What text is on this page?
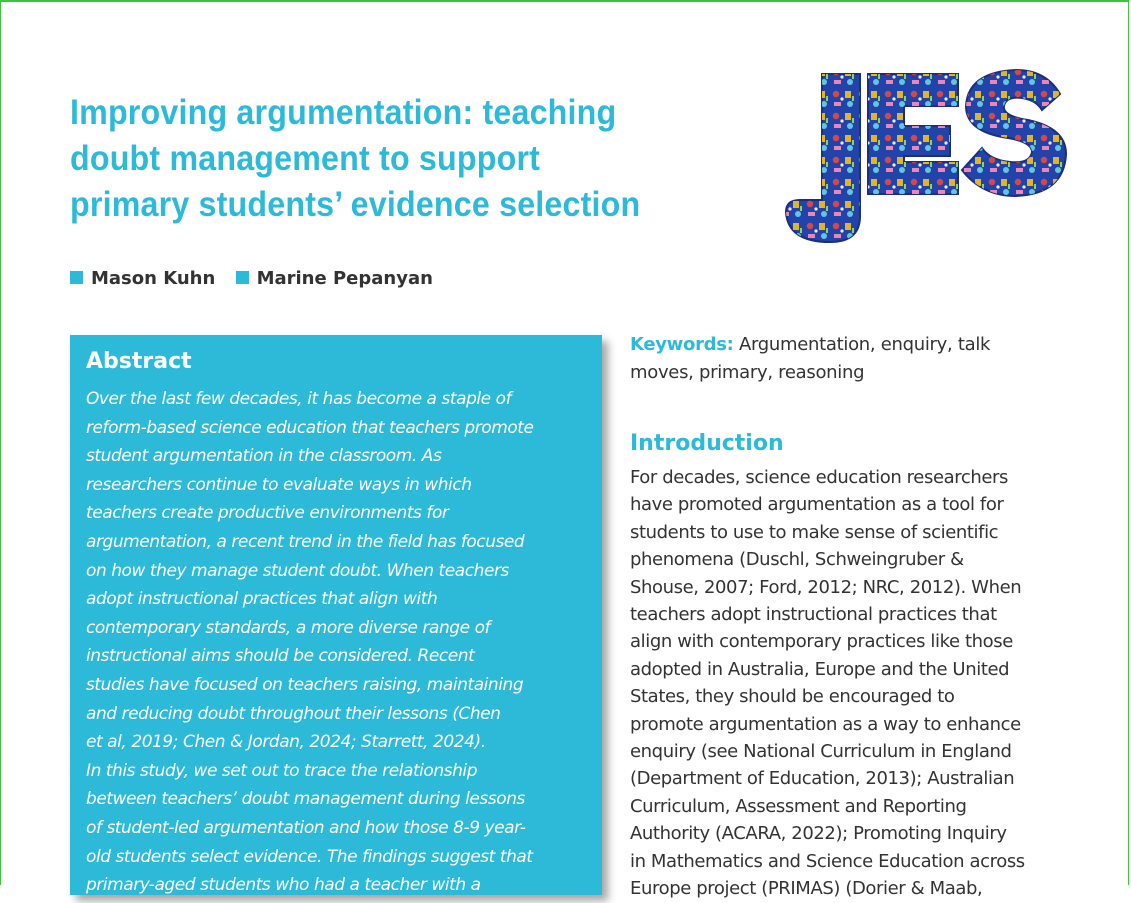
Improving argumentation: teaching doubt management to support primary students’ evidence selection
Mason Kuhn Marine Pepanyan
Abstract

Over the last few decades, it has become a staple of
reform-based science education that teachers promote
student argumentation in the classroom. As
researchers continue to evaluate ways in which
teachers create productive environments for
argumentation, a recent trend in the field has focused
on how they manage student doubt. When teachers
adopt instructional practices that align with
contemporary standards, a more diverse range of
instructional aims should be considered. Recent
studies have focused on teachers raising, maintaining
and reducing doubt throughout their lessons (Chen
et al, 2019; Chen & Jordan, 2024; Starrett, 2024).
In this study, we set out to trace the relationship
between teachers’ doubt management during lessons
of student-led argumentation and how those 8-9 year-
old students select evidence. The findings suggest that
primary-aged students who had a teacher with a

Keywords: Argumentation, enquiry, talk
moves, primary, reasoning

Introduction

For decades, science education researchers
have promoted argumentation as a tool for
students to use to make sense of scientific
phenomena (Duschl, Schweingruber &
Shouse, 2007; Ford, 2012; NRC, 2012). When
teachers adopt instructional practices that
align with contemporary practices like those
adopted in Australia, Europe and the United
States, they should be encouraged to
promote argumentation as a way to enhance
enquiry (see National Curriculum in England
(Department of Education, 2013); Australian
Curriculum, Assessment and Reporting
Authority (ACARA, 2022); Promoting Inquiry
in Mathematics and Science Education across
Europe project (PRIMAS) (Dorier & Maab,
